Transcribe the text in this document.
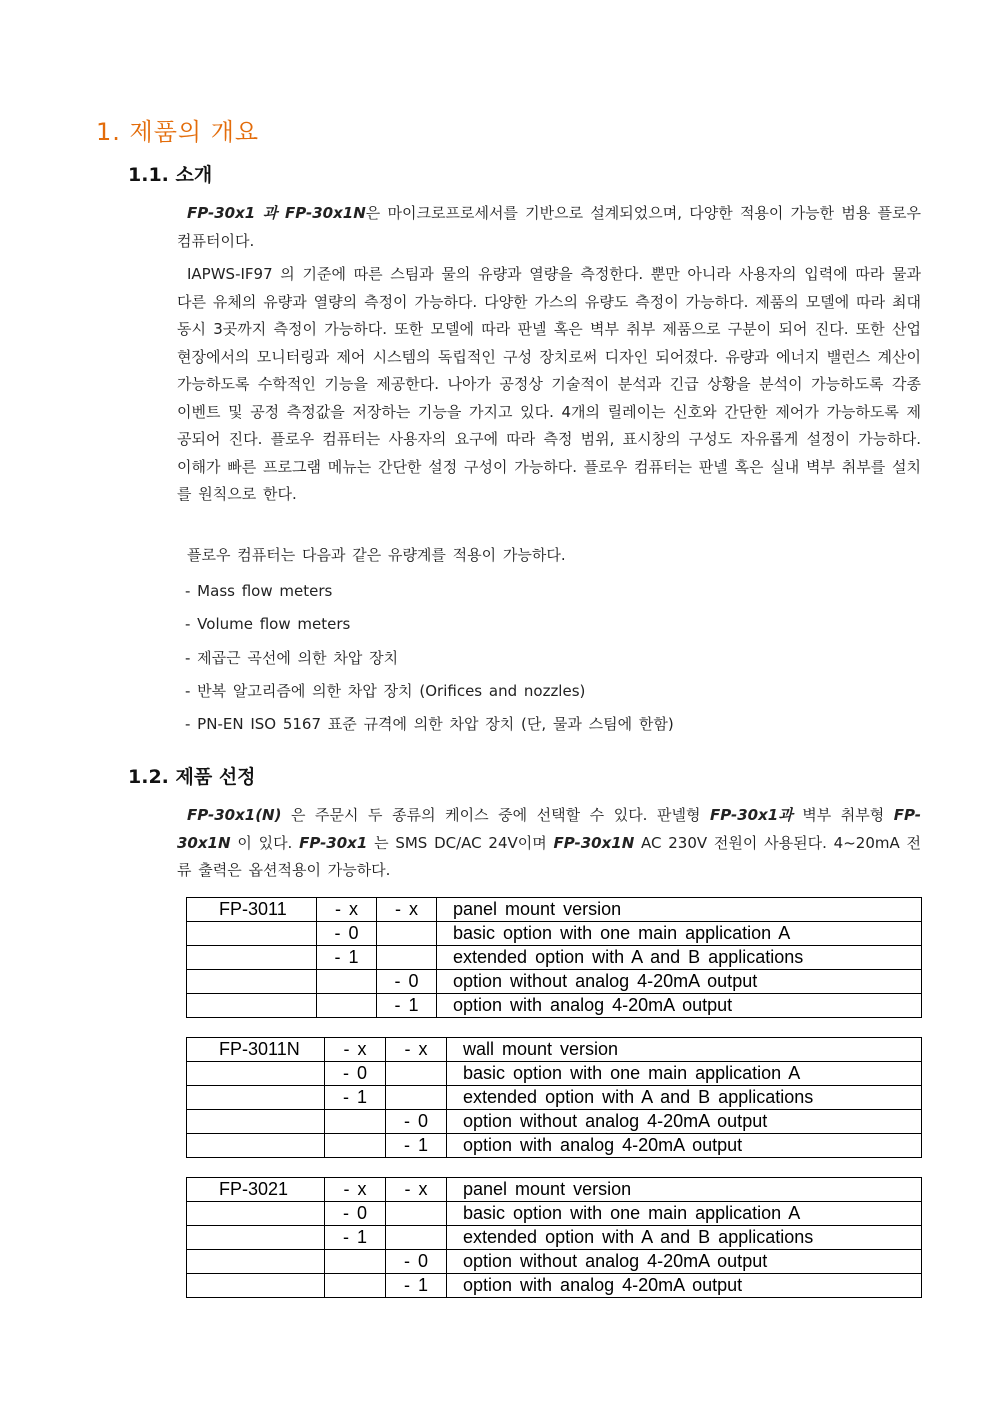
1. 제품의 개요
1.1. 소개
FP-30x1 과 FP-30x1N은 마이크로프로세서를 기반으로 설계되었으며, 다양한 적용이 가능한 범용 플로우 컴퓨터이다.
IAPWS-IF97 의 기준에 따른 스팀과 물의 유량과 열량을 측정한다. 뿐만 아니라 사용자의 입력에 따라 물과 다른 유체의 유량과 열량의 측정이 가능하다. 다양한 가스의 유량도 측정이 가능하다. 제품의 모델에 따라 최대 동시 3곳까지 측정이 가능하다. 또한 모델에 따라 판넬 혹은 벽부 취부 제품으로 구분이 되어 진다. 또한 산업 현장에서의 모니터링과 제어 시스템의 독립적인 구성 장치로써 디자인 되어졌다. 유량과 에너지 밸런스 계산이 가능하도록 수학적인 기능을 제공한다. 나아가 공정상 기술적이 분석과 긴급 상황을 분석이 가능하도록 각종 이벤트 및 공정 측정값을 저장하는 기능을 가지고 있다. 4개의 릴레이는 신호와 간단한 제어가 가능하도록 제공되어 진다. 플로우 컴퓨터는 사용자의 요구에 따라 측정 범위, 표시창의 구성도 자유롭게 설정이 가능하다. 이해가 빠른 프로그램 메뉴는 간단한 설정 구성이 가능하다. 플로우 컴퓨터는 판넬 혹은 실내 벽부 취부를 설치를 원칙으로 한다.
플로우 컴퓨터는 다음과 같은 유량계를 적용이 가능하다.
- Mass flow meters
- Volume flow meters
- 제곱근 곡선에 의한 차압 장치
- 반복 알고리즘에 의한 차압 장치 (Orifices and nozzles)
- PN-EN ISO 5167 표준 규격에 의한 차압 장치 (단, 물과 스팀에 한함)
1.2. 제품 선정
FP-30x1(N) 은 주문시 두 종류의 케이스 중에 선택할 수 있다. 판넬형 FP-30x1과 벽부 취부형 FP-30x1N 이 있다. FP-30x1 는 SMS DC/AC 24V이며 FP-30x1N AC 230V 전원이 사용된다. 4~20mA 전류 출력은 옵션적용이 가능하다.
FP-3011	- x	- x	panel mount version
	- 0		basic option with one main application A
	- 1		extended option with A and B applications
		- 0	option without analog 4-20mA output
		- 1	option with analog 4-20mA output
FP-3011N	- x	- x	wall mount version
	- 0		basic option with one main application A
	- 1		extended option with A and B applications
		- 0	option without analog 4-20mA output
		- 1	option with analog 4-20mA output
FP-3021	- x	- x	panel mount version
	- 0		basic option with one main application A
	- 1		extended option with A and B applications
		- 0	option without analog 4-20mA output
		- 1	option with analog 4-20mA output
